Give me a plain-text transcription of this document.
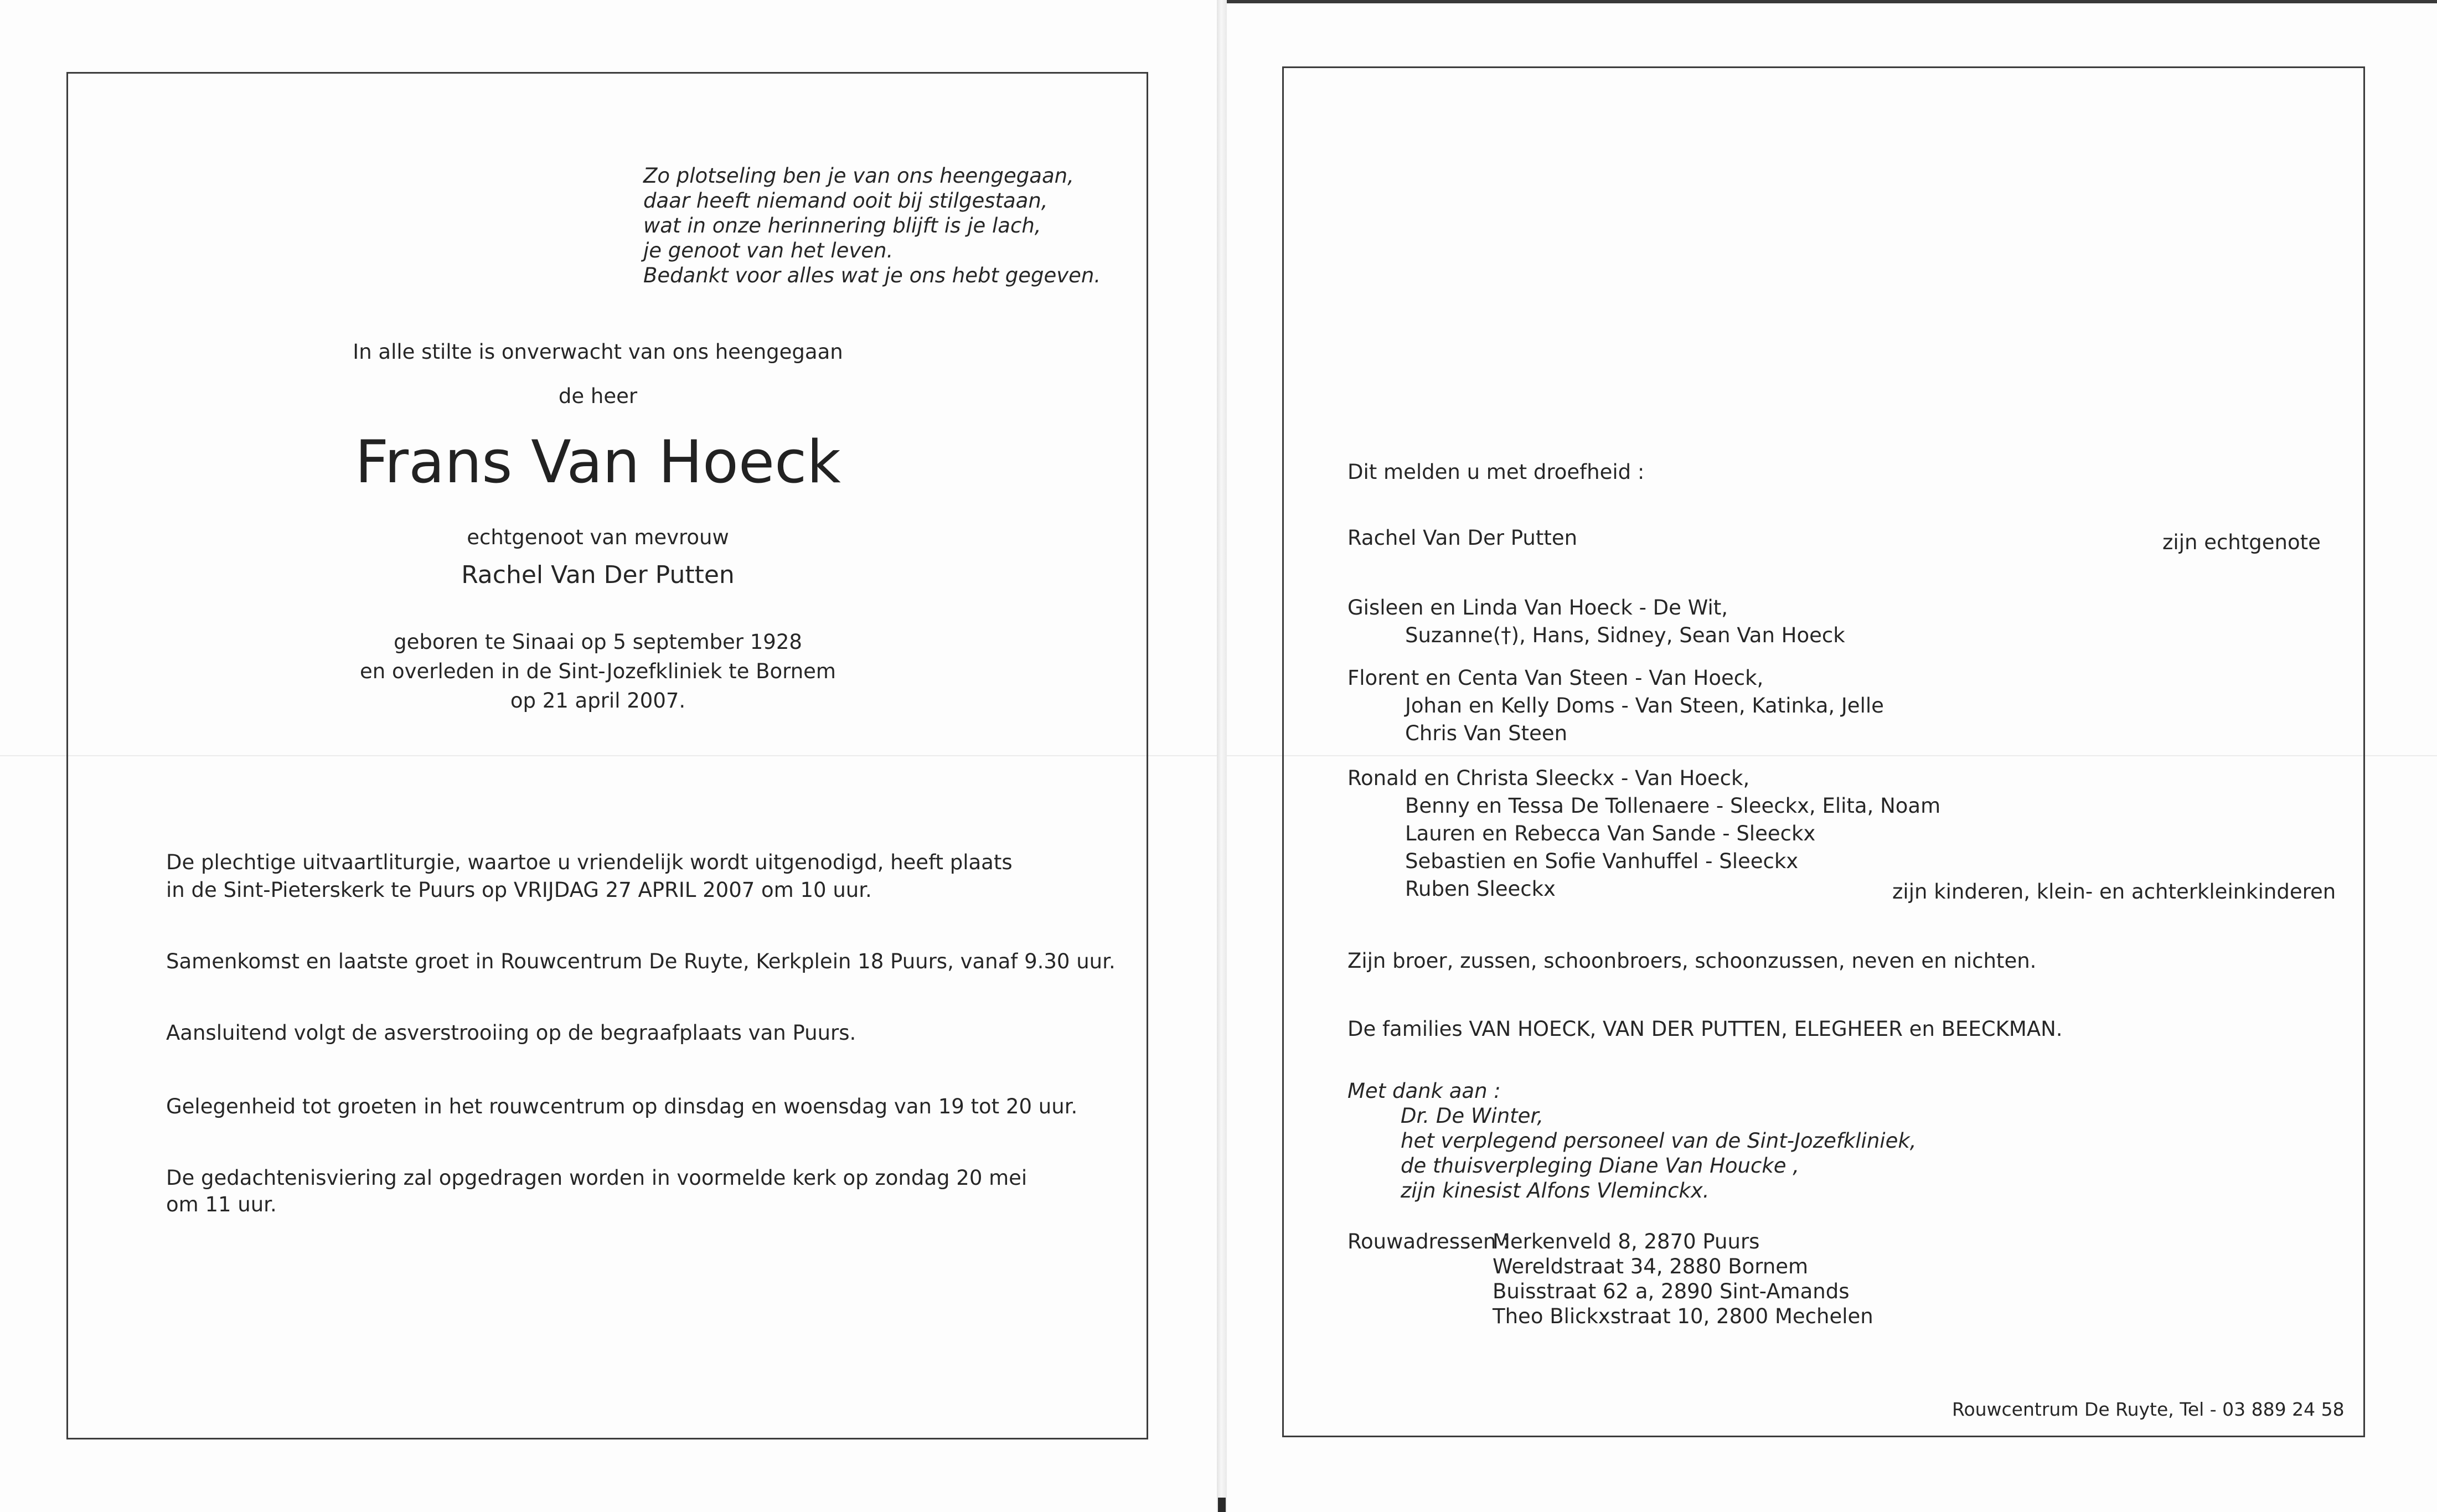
Zo plotseling ben je van ons heengegaan,
daar heeft niemand ooit bij stilgestaan,
wat in onze herinnering blijft is je lach,
je genoot van het leven.
Bedankt voor alles wat je ons hebt gegeven.
In alle stilte is onverwacht van ons heengegaan
de heer
Frans Van Hoeck
echtgenoot van mevrouw
Rachel Van Der Putten
geboren te Sinaai op 5 september 1928
en overleden in de Sint-Jozefkliniek te Bornem
op 21 april 2007.
De plechtige uitvaartliturgie, waartoe u vriendelijk wordt uitgenodigd, heeft plaats
in de Sint-Pieterskerk te Puurs op VRIJDAG 27 APRIL 2007 om 10 uur.
Samenkomst en laatste groet in Rouwcentrum De Ruyte, Kerkplein 18 Puurs, vanaf 9.30 uur.
Aansluitend volgt de asverstrooiing op de begraafplaats van Puurs.
Gelegenheid tot groeten in het rouwcentrum op dinsdag en woensdag van 19 tot 20 uur.
De gedachtenisviering zal opgedragen worden in voormelde kerk op zondag 20 mei
om 11 uur.
Dit melden u met droefheid :
Rachel Van Der Putten	zijn echtgenote
Gisleen en Linda Van Hoeck - De Wit,
Suzanne(†), Hans, Sidney, Sean Van Hoeck
Florent en Centa Van Steen - Van Hoeck,
Johan en Kelly Doms - Van Steen, Katinka, Jelle
Chris Van Steen
Ronald en Christa Sleeckx - Van Hoeck,
Benny en Tessa De Tollenaere - Sleeckx, Elita, Noam
Lauren en Rebecca Van Sande - Sleeckx
Sebastien en Sofie Vanhuffel - Sleeckx
Ruben Sleeckx	zijn kinderen, klein- en achterkleinkinderen
Zijn broer, zussen, schoonbroers, schoonzussen, neven en nichten.
De families VAN HOECK, VAN DER PUTTEN, ELEGHEER en BEECKMAN.
Met dank aan :
Dr. De Winter,
het verplegend personeel van de Sint-Jozefkliniek,
de thuisverpleging Diane Van Houcke ,
zijn kinesist Alfons Vleminckx.
Rouwadressen :
Merkenveld 8, 2870 Puurs
Wereldstraat 34, 2880 Bornem
Buisstraat 62 a, 2890 Sint-Amands
Theo Blickxstraat 10, 2800 Mechelen
Rouwcentrum De Ruyte, Tel - 03 889 24 58
